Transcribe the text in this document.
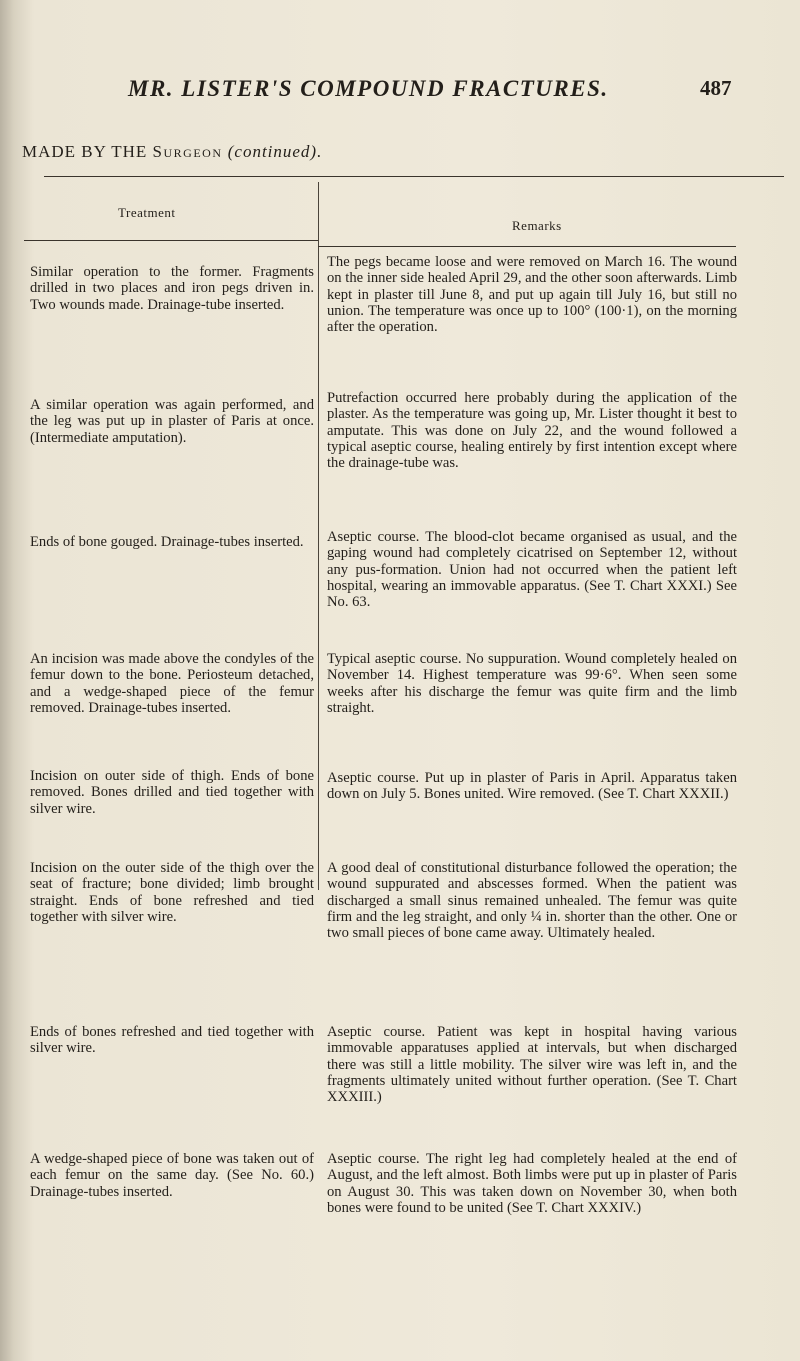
MR. LISTER'S COMPOUND FRACTURES.	487
MADE BY THE Surgeon (continued).
Treatment
Remarks
Similar operation to the former. Fragments drilled in two places and iron pegs driven in. Two wounds made. Drainage-tube inserted.
The pegs became loose and were removed on March 16. The wound on the inner side healed April 29, and the other soon afterwards. Limb kept in plaster till June 8, and put up again till July 16, but still no union. The temperature was once up to 100° (100·1), on the morning after the operation.
A similar operation was again performed, and the leg was put up in plaster of Paris at once. (Intermediate amputation).
Putrefaction occurred here probably during the application of the plaster. As the temperature was going up, Mr. Lister thought it best to amputate. This was done on July 22, and the wound followed a typical aseptic course, healing entirely by first intention except where the drainage-tube was.
Ends of bone gouged. Drainage-tubes inserted.	Aseptic course. The blood-clot became organised as usual, and the gaping wound had completely cicatrised on September 12, without any pus-formation. Union had not occurred when the patient left hospital, wearing an immovable apparatus. (See T. Chart XXXI.) See No. 63.
An incision was made above the condyles of the femur down to the bone. Periosteum detached, and a wedge-shaped piece of the femur removed. Drainage-tubes inserted.
Typical aseptic course. No suppuration. Wound completely healed on November 14. Highest temperature was 99·6°. When seen some weeks after his discharge the femur was quite firm and the limb straight.
Incision on outer side of thigh. Ends of bone removed. Bones drilled and tied together with silver wire.
Aseptic course. Put up in plaster of Paris in April. Apparatus taken down on July 5. Bones united. Wire removed. (See T. Chart XXXII.)
Incision on the outer side of the thigh over the seat of fracture; bone divided; limb brought straight. Ends of bone refreshed and tied together with silver wire.
A good deal of constitutional disturbance followed the operation; the wound suppurated and abscesses formed. When the patient was discharged a small sinus remained unhealed. The femur was quite firm and the leg straight, and only ¼ in. shorter than the other. One or two small pieces of bone came away. Ultimately healed.
Ends of bones refreshed and tied together with silver wire.
Aseptic course. Patient was kept in hospital having various immovable apparatuses applied at intervals, but when discharged there was still a little mobility. The silver wire was left in, and the fragments ultimately united without further operation. (See T. Chart XXXIII.)
A wedge-shaped piece of bone was taken out of each femur on the same day. (See No. 60.) Drainage-tubes inserted.
Aseptic course. The right leg had completely healed at the end of August, and the left almost. Both limbs were put up in plaster of Paris on August 30. This was taken down on November 30, when both bones were found to be united (See T. Chart XXXIV.)
